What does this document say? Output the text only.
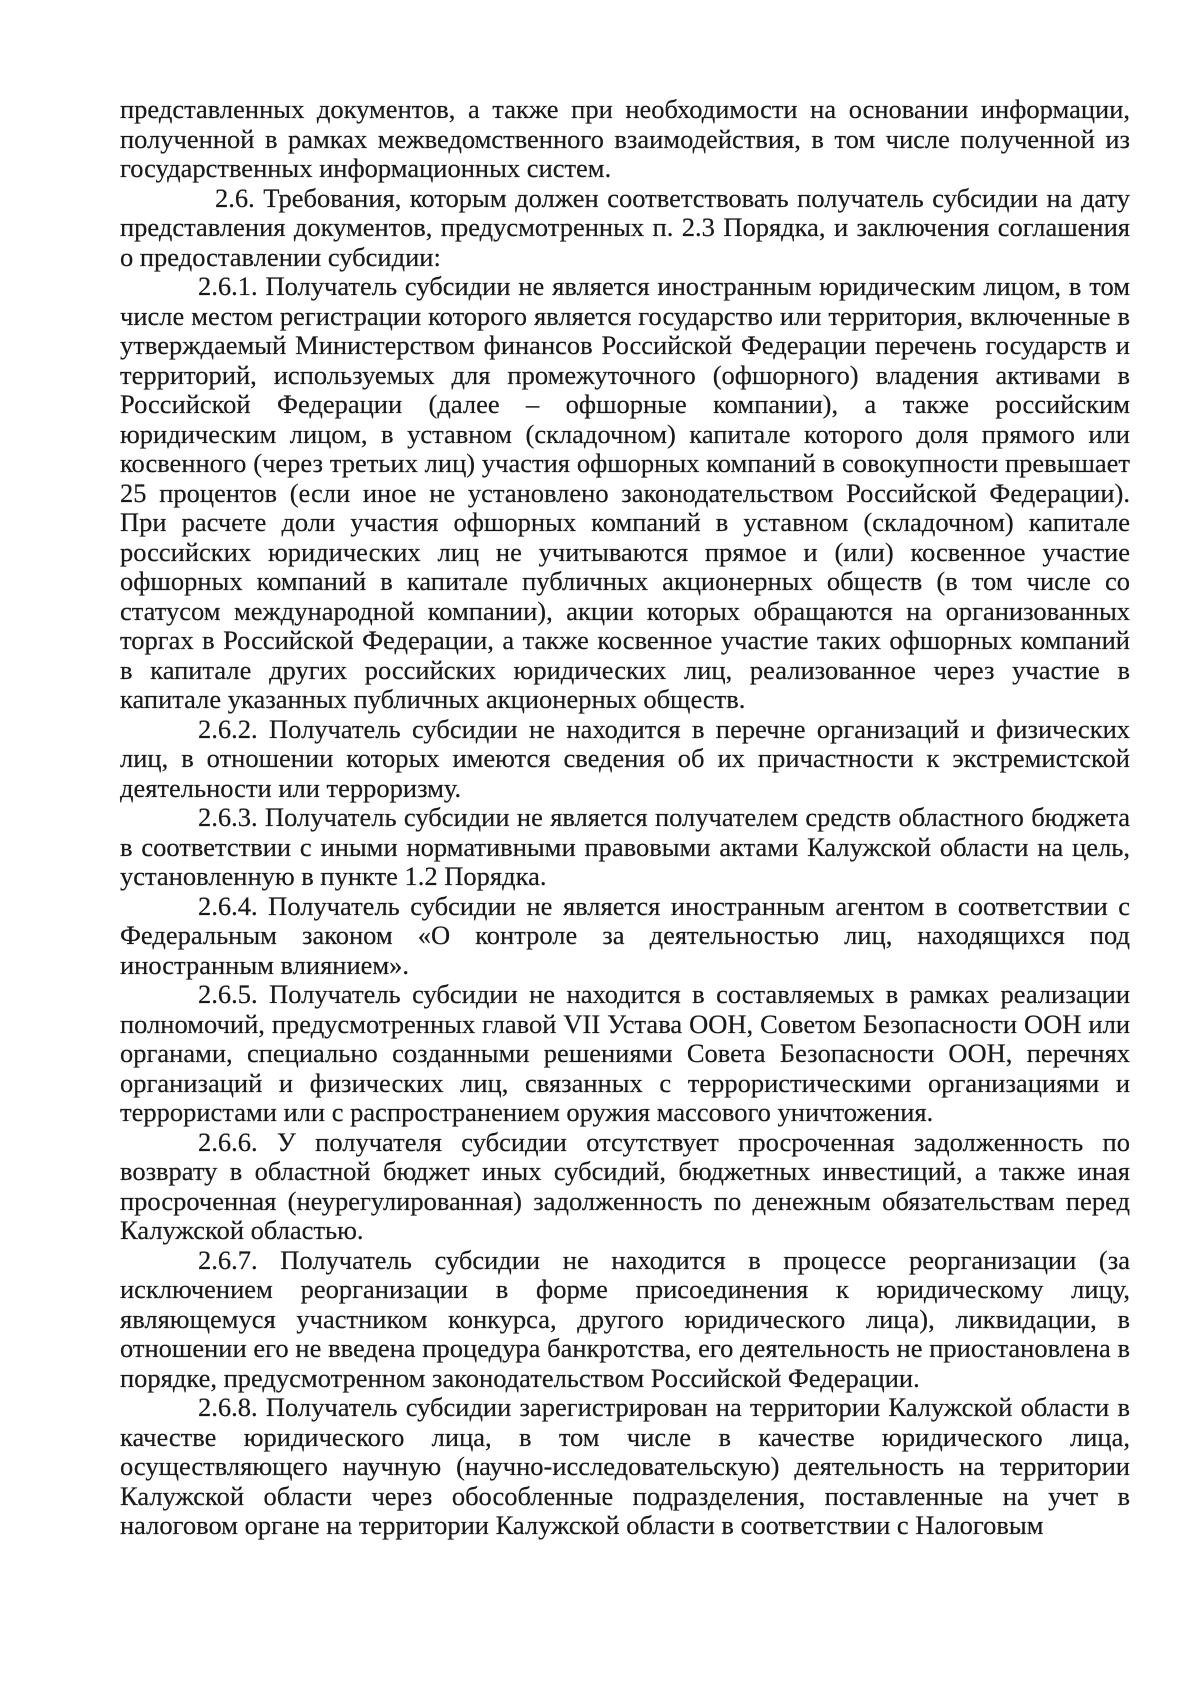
представленных документов, а также при необходимости на основании информации, полученной в рамках межведомственного взаимодействия, в том числе полученной из государственных информационных систем.

2.6. Требования, которым должен соответствовать получатель субсидии на дату представления документов, предусмотренных п. 2.3 Порядка, и заключения соглашения о предоставлении субсидии:

2.6.1. Получатель субсидии не является иностранным юридическим лицом, в том числе местом регистрации которого является государство или территория, включенные в утверждаемый Министерством финансов Российской Федерации перечень государств и территорий, используемых для промежуточного (офшорного) владения активами в Российской Федерации (далее – офшорные компании), а также российским юридическим лицом, в уставном (складочном) капитале которого доля прямого или косвенного (через третьих лиц) участия офшорных компаний в совокупности превышает 25 процентов (если иное не установлено законодательством Российской Федерации). При расчете доли участия офшорных компаний в уставном (складочном) капитале российских юридических лиц не учитываются прямое и (или) косвенное участие офшорных компаний в капитале публичных акционерных обществ (в том числе со статусом международной компании), акции которых обращаются на организованных торгах в Российской Федерации, а также косвенное участие таких офшорных компаний в капитале других российских юридических лиц, реализованное через участие в капитале указанных публичных акционерных обществ.

2.6.2. Получатель субсидии не находится в перечне организаций и физических лиц, в отношении которых имеются сведения об их причастности к экстремистской деятельности или терроризму.

2.6.3. Получатель субсидии не является получателем средств областного бюджета в соответствии с иными нормативными правовыми актами Калужской области на цель, установленную в пункте 1.2 Порядка.

2.6.4. Получатель субсидии не является иностранным агентом в соответствии с Федеральным законом «О контроле за деятельностью лиц, находящихся под иностранным влиянием».

2.6.5. Получатель субсидии не находится в составляемых в рамках реализации полномочий, предусмотренных главой VII Устава ООН, Советом Безопасности ООН или органами, специально созданными решениями Совета Безопасности ООН, перечнях организаций и физических лиц, связанных с террористическими организациями и террористами или с распространением оружия массового уничтожения.

2.6.6. У получателя субсидии отсутствует просроченная задолженность по возврату в областной бюджет иных субсидий, бюджетных инвестиций, а также иная просроченная (неурегулированная) задолженность по денежным обязательствам перед Калужской областью.

2.6.7. Получатель субсидии не находится в процессе реорганизации (за исключением реорганизации в форме присоединения к юридическому лицу, являющемуся участником конкурса, другого юридического лица), ликвидации, в отношении его не введена процедура банкротства, его деятельность не приостановлена в порядке, предусмотренном законодательством Российской Федерации.

2.6.8. Получатель субсидии зарегистрирован на территории Калужской области в качестве юридического лица, в том числе в качестве юридического лица, осуществляющего научную (научно-исследовательскую) деятельность на территории Калужской области через обособленные подразделения, поставленные на учет в налоговом органе на территории Калужской области в соответствии с Налоговым
